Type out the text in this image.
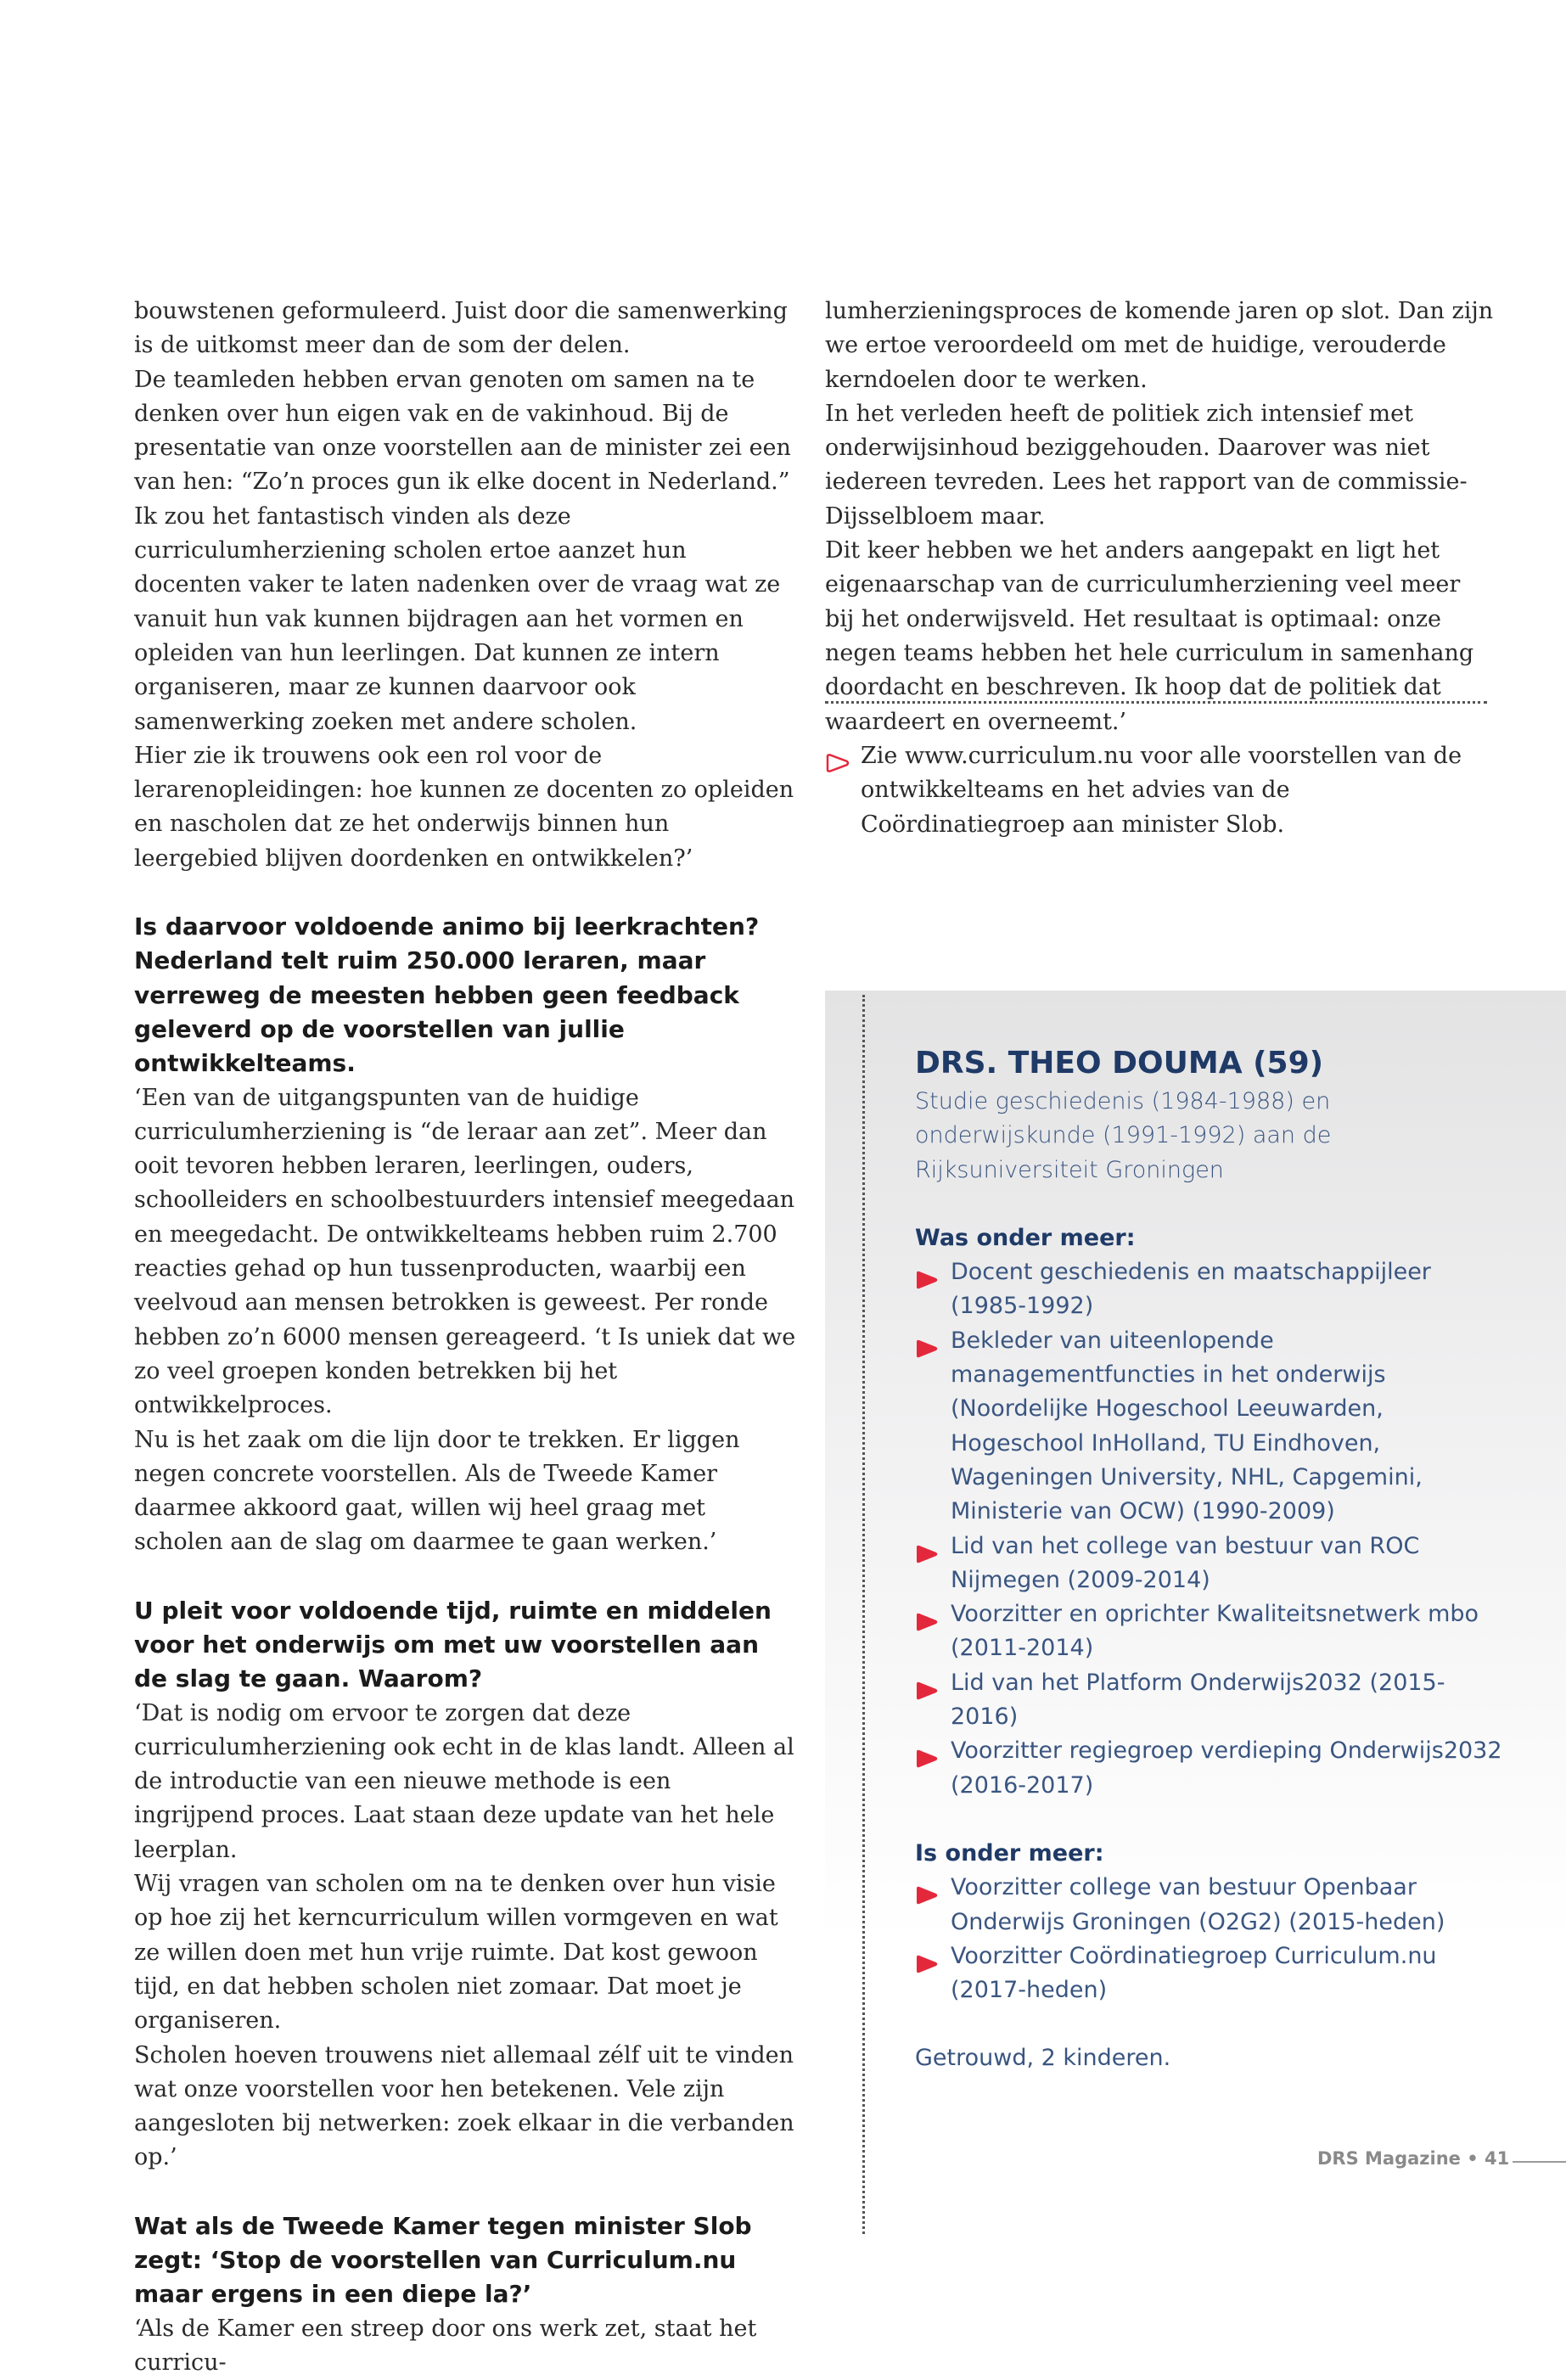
bouwstenen geformuleerd. Juist door die samenwerking is de uitkomst meer dan de som der delen.

De teamleden hebben ervan genoten om samen na te denken over hun eigen vak en de vakinhoud. Bij de presentatie van onze voorstellen aan de minister zei een van hen: “Zo’n proces gun ik elke docent in Nederland.”

Ik zou het fantastisch vinden als deze curriculumherziening scholen ertoe aanzet hun docenten vaker te laten nadenken over de vraag wat ze vanuit hun vak kunnen bijdragen aan het vormen en opleiden van hun leerlingen. Dat kunnen ze intern organiseren, maar ze kunnen daarvoor ook samenwerking zoeken met andere scholen.

Hier zie ik trouwens ook een rol voor de lerarenopleidingen: hoe kunnen ze docenten zo opleiden en nascholen dat ze het onderwijs binnen hun leergebied blijven doordenken en ontwikkelen?’

Is daarvoor voldoende animo bij leerkrachten? Nederland telt ruim 250.000 leraren, maar verreweg de meesten hebben geen feedback geleverd op de voorstellen van jullie ontwikkelteams.

‘Een van de uitgangspunten van de huidige curriculumherziening is “de leraar aan zet”. Meer dan ooit tevoren hebben leraren, leerlingen, ouders, schoolleiders en schoolbestuurders intensief meegedaan en meegedacht. De ontwikkelteams hebben ruim 2.700 reacties gehad op hun tussenproducten, waarbij een veelvoud aan mensen betrokken is geweest. Per ronde hebben zo’n 6000 mensen gereageerd. ‘t Is uniek dat we zo veel groepen konden betrekken bij het ontwikkelproces.

Nu is het zaak om die lijn door te trekken. Er liggen negen concrete voorstellen. Als de Tweede Kamer daarmee akkoord gaat, willen wij heel graag met scholen aan de slag om daarmee te gaan werken.’

U pleit voor voldoende tijd, ruimte en middelen voor het onderwijs om met uw voorstellen aan de slag te gaan. Waarom?

‘Dat is nodig om ervoor te zorgen dat deze curriculumherziening ook echt in de klas landt. Alleen al de introductie van een nieuwe methode is een ingrijpend proces. Laat staan deze update van het hele leerplan.

Wij vragen van scholen om na te denken over hun visie op hoe zij het kerncurriculum willen vormgeven en wat ze willen doen met hun vrije ruimte. Dat kost gewoon tijd, en dat hebben scholen niet zomaar. Dat moet je organiseren.

Scholen hoeven trouwens niet allemaal zélf uit te vinden wat onze voorstellen voor hen betekenen. Vele zijn aangesloten bij netwerken: zoek elkaar in die verbanden op.’

Wat als de Tweede Kamer tegen minister Slob zegt: ‘Stop de voorstellen van Curriculum.nu maar ergens in een diepe la?’

‘Als de Kamer een streep door ons werk zet, staat het curricu-

lumherzieningsproces de komende jaren op slot. Dan zijn we ertoe veroordeeld om met de huidige, verouderde kerndoelen door te werken.

In het verleden heeft de politiek zich intensief met onderwijsinhoud beziggehouden. Daarover was niet iedereen tevreden. Lees het rapport van de commissie-Dijsselbloem maar.

Dit keer hebben we het anders aangepakt en ligt het eigenaarschap van de curriculumherziening veel meer bij het onderwijsveld. Het resultaat is optimaal: onze negen teams hebben het hele curriculum in samenhang doordacht en beschreven. Ik hoop dat de politiek dat waardeert en overneemt.’

Zie www.curriculum.nu voor alle voorstellen van de ontwikkelteams en het advies van de Coördinatiegroep aan minister Slob.

DRS. THEO DOUMA (59)

Studie geschiedenis (1984-1988) en onderwijskunde (1991-1992) aan de Rijksuniversiteit Groningen

Was onder meer:

Docent geschiedenis en maatschappijleer (1985-1992)
Bekleder van uiteenlopende managementfuncties in het onderwijs (Noordelijke Hogeschool Leeuwarden, Hogeschool InHolland, TU Eindhoven, Wageningen University, NHL, Capgemini, Ministerie van OCW) (1990-2009)
Lid van het college van bestuur van ROC Nijmegen (2009-2014)
Voorzitter en oprichter Kwaliteitsnetwerk mbo (2011-2014)
Lid van het Platform Onderwijs2032 (2015-2016)
Voorzitter regiegroep verdieping Onderwijs2032 (2016-2017)

Is onder meer:

Voorzitter college van bestuur Openbaar Onderwijs Groningen (O2G2) (2015-heden)
Voorzitter Coördinatiegroep Curriculum.nu (2017-heden)

Getrouwd, 2 kinderen.

DRS Magazine • 41
